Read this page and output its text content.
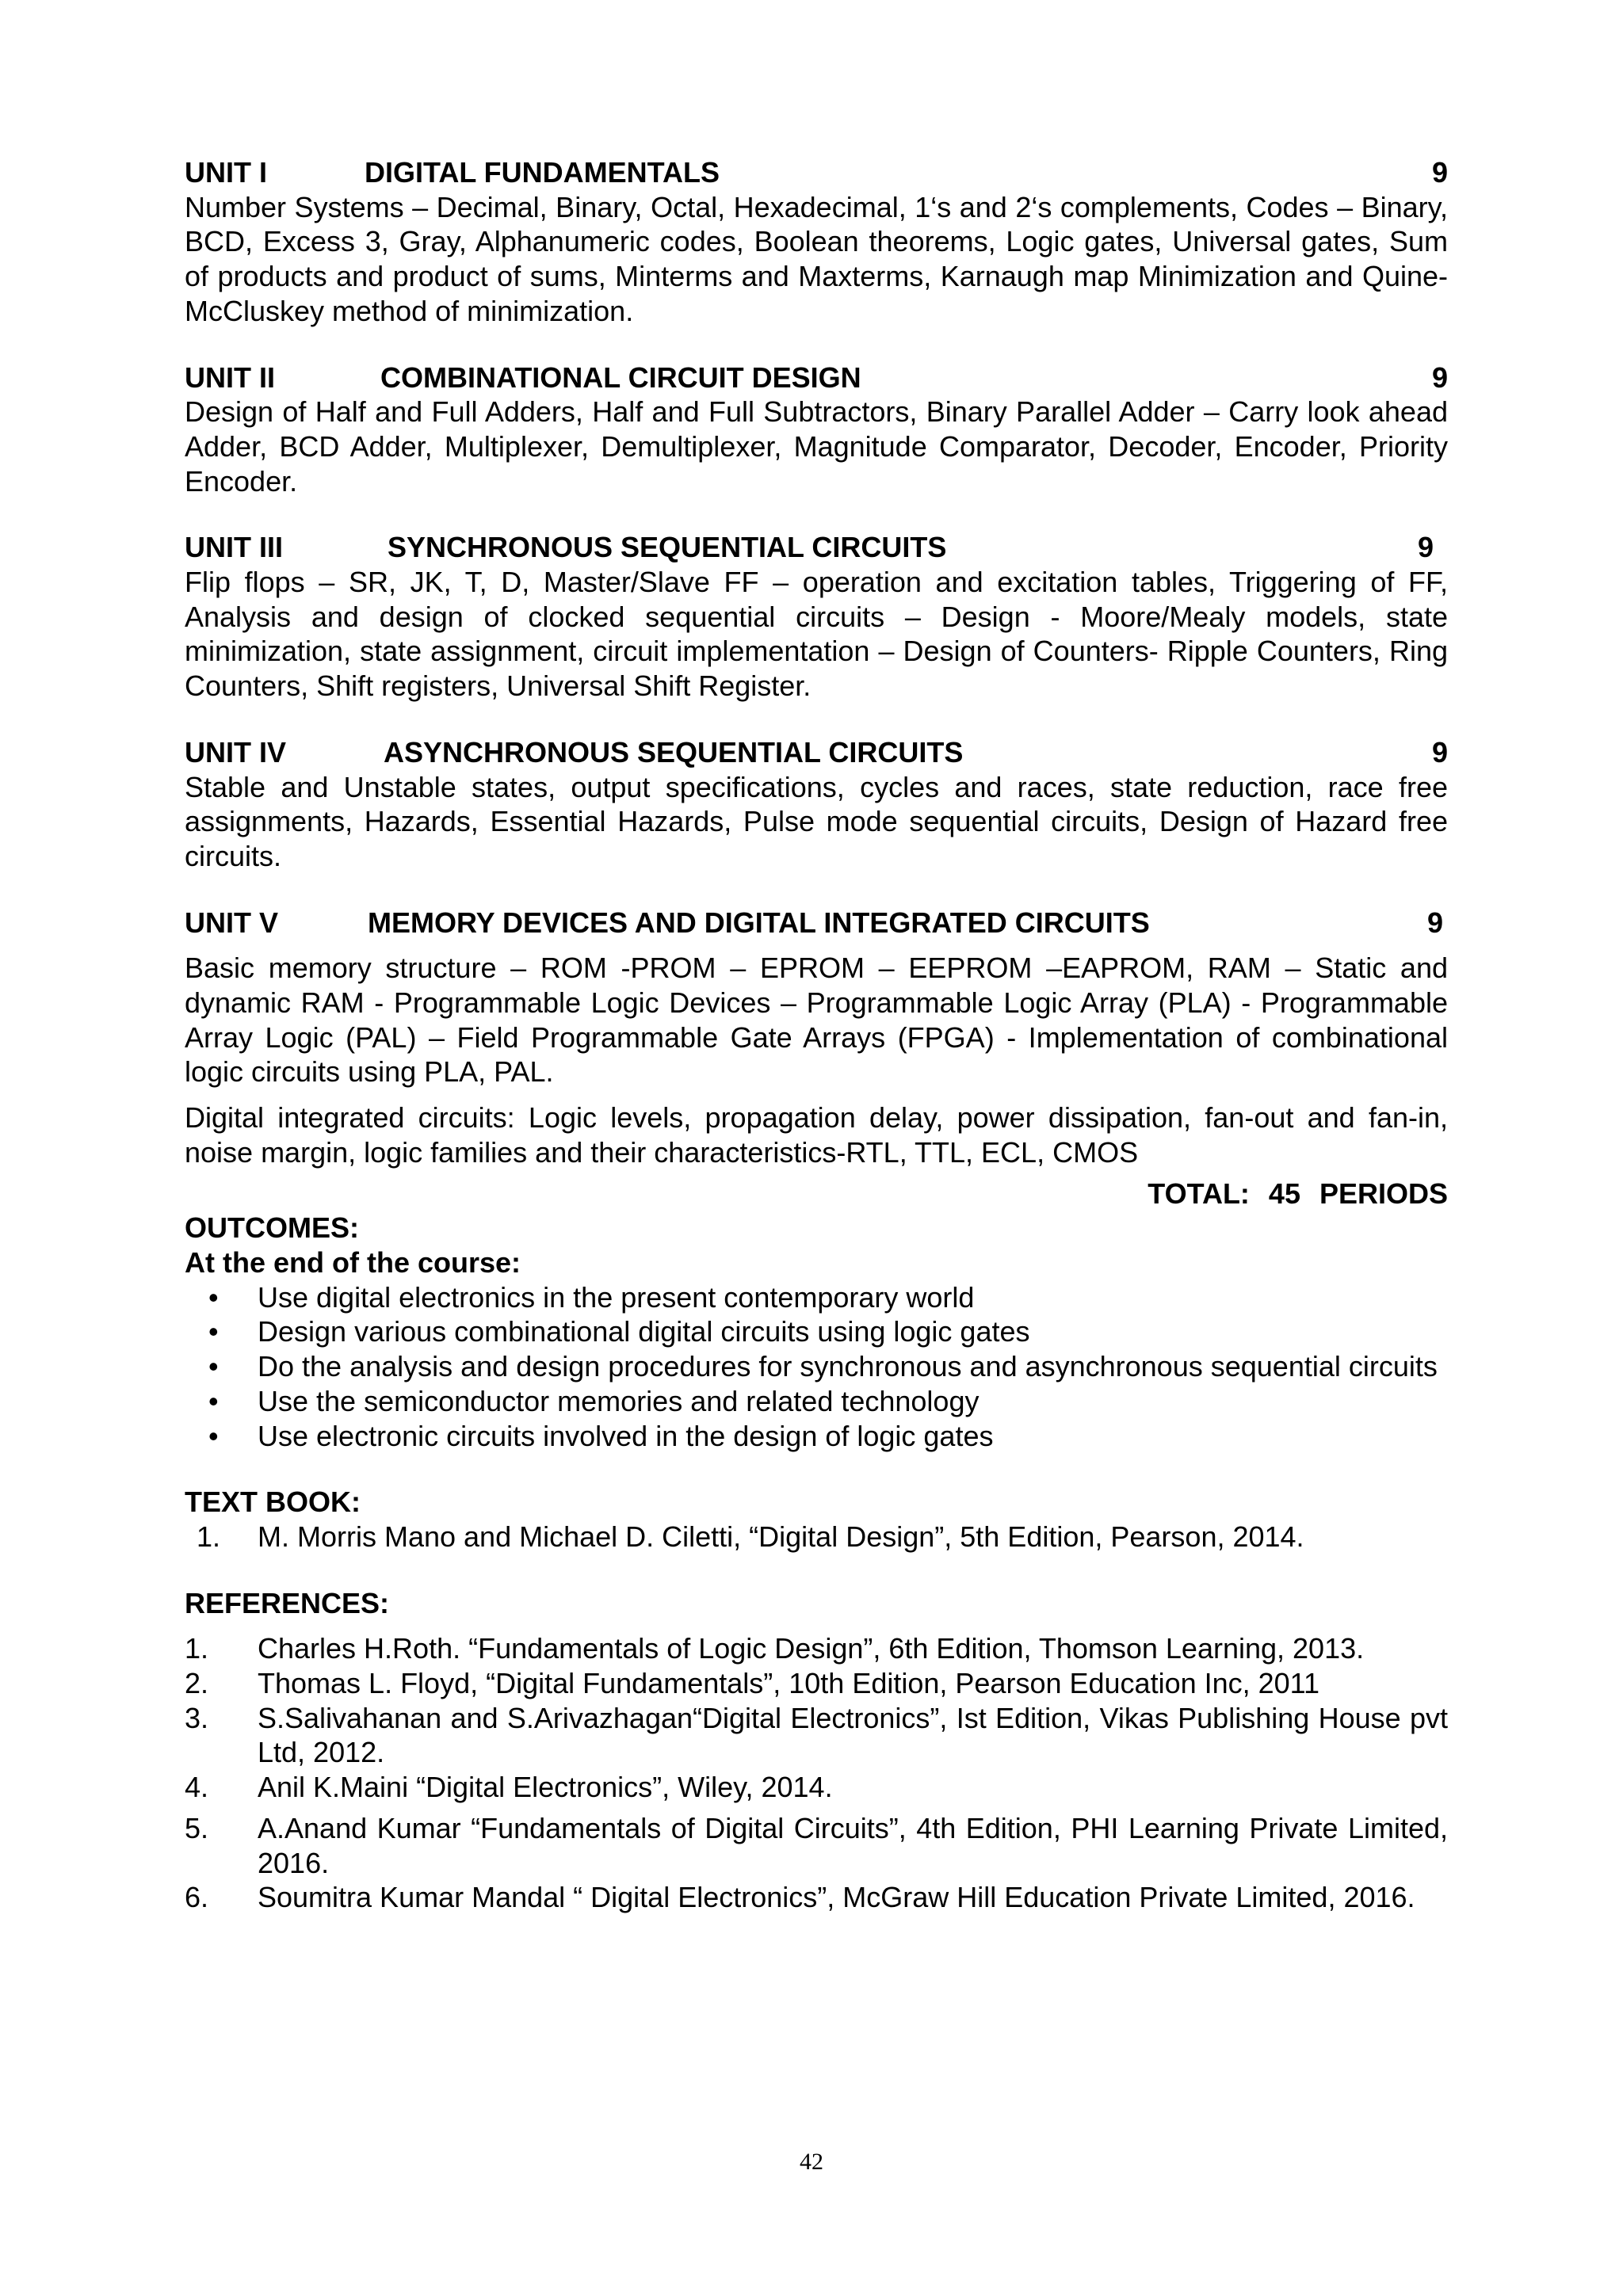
UNIT I	DIGITAL FUNDAMENTALS	9
Number Systems – Decimal, Binary, Octal, Hexadecimal, 1‘s and 2‘s complements, Codes – Binary, BCD, Excess 3, Gray, Alphanumeric codes, Boolean theorems, Logic gates, Universal gates, Sum of products and product of sums, Minterms and Maxterms, Karnaugh map Minimization and Quine-McCluskey method of minimization.
UNIT II	COMBINATIONAL CIRCUIT DESIGN	9
Design of Half and Full Adders, Half and Full Subtractors, Binary Parallel Adder – Carry look ahead Adder, BCD Adder, Multiplexer, Demultiplexer, Magnitude Comparator, Decoder, Encoder, Priority Encoder.
UNIT III	SYNCHRONOUS SEQUENTIAL CIRCUITS	9
Flip flops – SR, JK, T, D, Master/Slave FF – operation and excitation tables, Triggering of FF, Analysis and design of clocked sequential circuits – Design - Moore/Mealy models, state minimization, state assignment, circuit implementation – Design of Counters- Ripple Counters, Ring Counters, Shift registers, Universal Shift Register.
UNIT IV	ASYNCHRONOUS SEQUENTIAL CIRCUITS	9
Stable and Unstable states, output specifications, cycles and races, state reduction, race free assignments, Hazards, Essential Hazards, Pulse mode sequential circuits, Design of Hazard free circuits.
UNIT V	MEMORY DEVICES AND DIGITAL INTEGRATED CIRCUITS	9
Basic memory structure – ROM -PROM – EPROM – EEPROM –EAPROM, RAM – Static and dynamic RAM - Programmable Logic Devices – Programmable Logic Array (PLA) - Programmable Array Logic (PAL) – Field Programmable Gate Arrays (FPGA) - Implementation of combinational logic circuits using PLA, PAL.
Digital integrated circuits: Logic levels, propagation delay, power dissipation, fan-out and fan-in, noise margin, logic families and their characteristics-RTL, TTL, ECL, CMOS
TOTAL: 45 PERIODS
OUTCOMES:
At the end of the course:
• Use digital electronics in the present contemporary world
• Design various combinational digital circuits using logic gates
• Do the analysis and design procedures for synchronous and asynchronous sequential circuits
• Use the semiconductor memories and related technology
• Use electronic circuits involved in the design of logic gates
TEXT BOOK:
1. M. Morris Mano and Michael D. Ciletti, “Digital Design”, 5th Edition, Pearson, 2014.
REFERENCES:
1. Charles H.Roth. “Fundamentals of Logic Design”, 6th Edition, Thomson Learning, 2013.
2. Thomas L. Floyd, “Digital Fundamentals”, 10th Edition, Pearson Education Inc, 2011
3. S.Salivahanan and S.Arivazhagan“Digital Electronics”, Ist Edition, Vikas Publishing House pvt Ltd, 2012.
4. Anil K.Maini “Digital Electronics”, Wiley, 2014.
5. A.Anand Kumar “Fundamentals of Digital Circuits”, 4th Edition, PHI Learning Private Limited, 2016.
6. Soumitra Kumar Mandal “ Digital Electronics”, McGraw Hill Education Private Limited, 2016.
42
